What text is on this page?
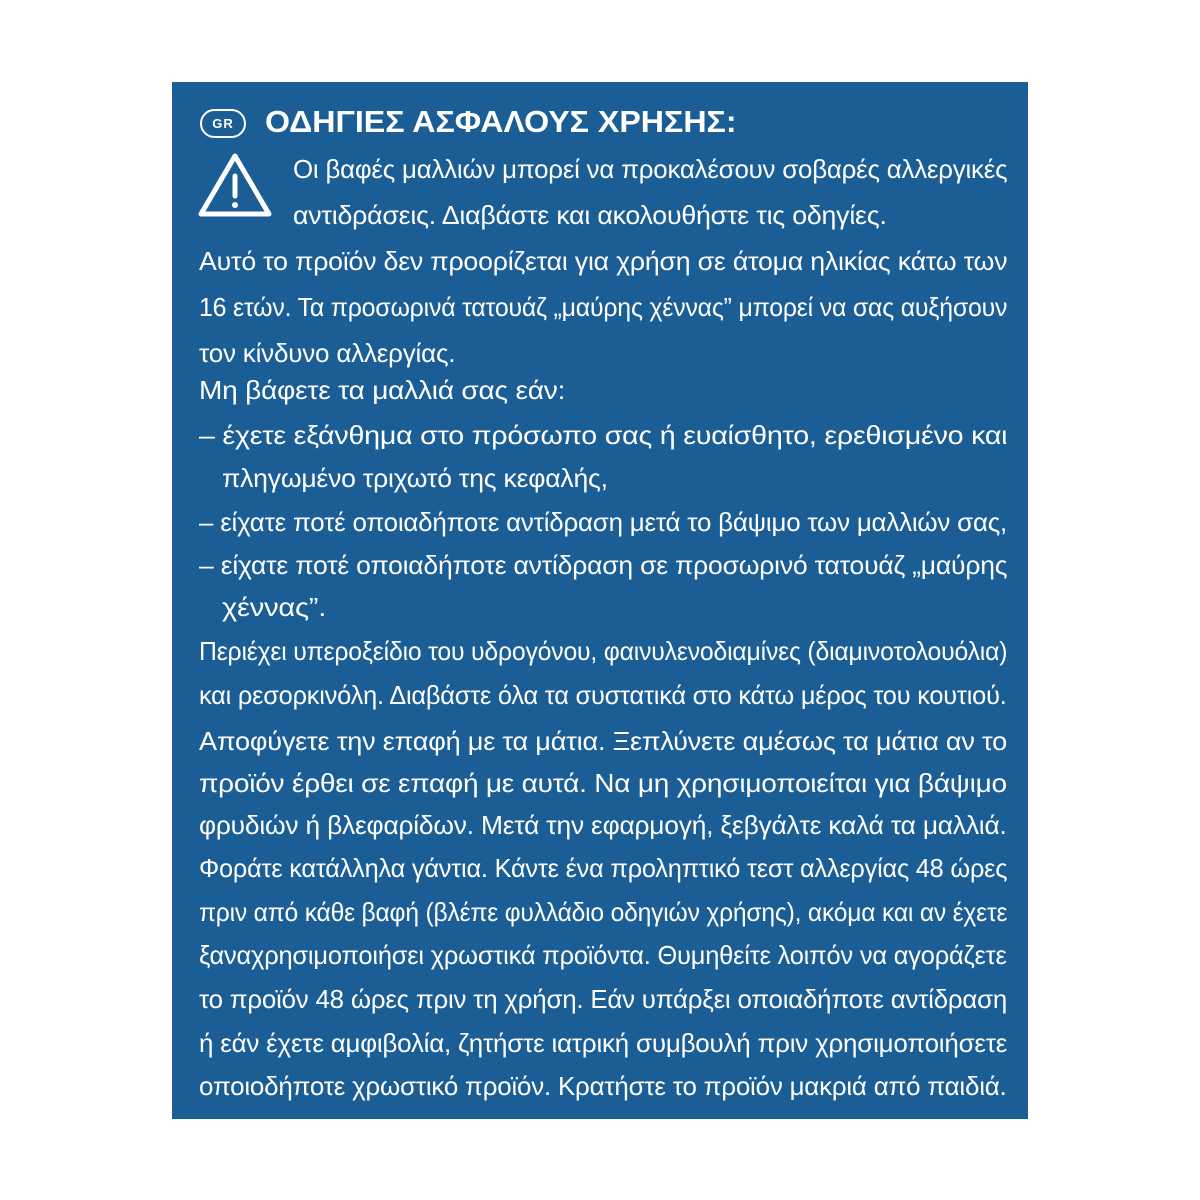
GR	ΟΔΗΓΙΕΣ ΑΣΦΑΛΟΥΣ ΧΡΗΣΗΣ:
Οι βαφές μαλλιών μπορεί να προκαλέσουν σοβαρές αλλεργικές
αντιδράσεις. Διαβάστε και ακολουθήστε τις οδηγίες.
Αυτό το προϊόν δεν προορίζεται για χρήση σε άτομα ηλικίας κάτω των
16 ετών. Τα προσωρινά τατουάζ „μαύρης χέννας” μπορεί να σας αυξήσουν
τον κίνδυνο αλλεργίας.
Μη βάφετε τα μαλλιά σας εάν:
– έχετε εξάνθημα στο πρόσωπο σας ή ευαίσθητο, ερεθισμένο και
πληγωμένο τριχωτό της κεφαλής,
– είχατε ποτέ οποιαδήποτε αντίδραση μετά το βάψιμο των μαλλιών σας,
– είχατε ποτέ οποιαδήποτε αντίδραση σε προσωρινό τατουάζ „μαύρης
χέννας”.
Περιέχει υπεροξείδιο του υδρογόνου, φαινυλενοδιαμίνες (διαμινοτολουόλια)
και ρεσορκινόλη. Διαβάστε όλα τα συστατικά στο κάτω μέρος του κουτιού.
Αποφύγετε την επαφή με τα μάτια. Ξεπλύνετε αμέσως τα μάτια αν το
προϊόν έρθει σε επαφή με αυτά. Να μη χρησιμοποιείται για βάψιμο
φρυδιών ή βλεφαρίδων. Μετά την εφαρμογή, ξεβγάλτε καλά τα μαλλιά.
Φοράτε κατάλληλα γάντια. Κάντε ένα προληπτικό τεστ αλλεργίας 48 ώρες
πριν από κάθε βαφή (βλέπε φυλλάδιο οδηγιών χρήσης), ακόμα και αν έχετε
ξαναχρησιμοποιήσει χρωστικά προϊόντα. Θυμηθείτε λοιπόν να αγοράζετε
το προϊόν 48 ώρες πριν τη χρήση. Εάν υπάρξει οποιαδήποτε αντίδραση
ή εάν έχετε αμφιβολία, ζητήστε ιατρική συμβουλή πριν χρησιμοποιήσετε
οποιοδήποτε χρωστικό προϊόν. Κρατήστε το προϊόν μακριά από παιδιά.
